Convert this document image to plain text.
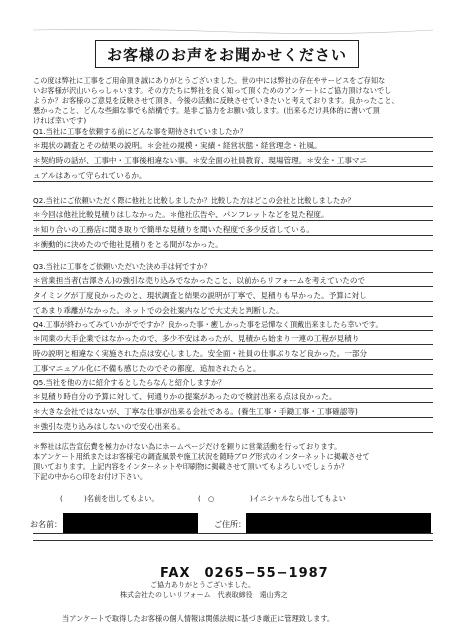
お客様のお声をお聞かせください
この度は弊社に工事をご用命頂き誠にありがとうございました。世の中には弊社の存在やサービスをご存知な
いお客様が沢山いらっしゃいます。その方たちに弊社を良く知って頂くためのアンケートにご協力頂けないでし
ようか？お客様のご意見を反映させて頂き、今後の活動に反映させていきたいと考えております。良かったこと、
悪かったこと、どんな些細な事でも結構です。是非ご協力をお願い致します。(出来るだけ具体的に書いて頂
ければ幸いです)
Q1.当社に工事を依頼する前にどんな事を期待されていましたか？
＊現状の調査とその結果の説明。＊会社の規模・実績・経営状態・経営理念・社風。
＊契約時の話が、工事中・工事後相違ない事。＊安全面の社員教育、現場管理。＊安全・工事マニ
ュアルはあって守られているか。
Q2.当社にご依頼いただく際に他社と比較しましたか？比較した方はどこの会社と比較しましたか？
＊今回は他社比較見積りはしなかった。＊他社広告や、パンフレットなどを見た程度。
＊知り合いの工務店に聞き取りで簡単な見積りを聞いた程度で多少反省している。
＊衝動的に決めたので他社見積りをとる間がなかった。
Q3.当社に工事をご依頼いただいた決め手は何ですか？
＊営業担当者(吉澤さん)の強引な売り込みでなかったこと、以前からリフォームを考えていたので
タイミングが丁度良かったのと、現状調査と結果の説明が丁寧で、見積りも早かった。予算に対し
てあまり乖離がなかった。ネットでの会社案内などで大丈夫と判断した。
Q4.工事が終わってみていかがでですか？良かった事・癒しかった事を忌憚なく頂戴出来ましたら幸いです。
＊同業の大手企業ではなかったので、多少不安はあったが、見積から始まり一連の工程が見積り
時の説明と相違なく実施された点は安心しました。安全面・社員の仕事ぶりなど良かった。一部分
工事マニュアル化に不備も感じたのでその都度、追加されたらと。
Q5.当社を他の方に紹介するとしたらなんと紹介しますか？
＊見積り時自分の予算に対して、何通りかの提案があったので検討出来る点は良かった。
＊大きな会社ではないが、丁寧な仕事が出来る会社である。(養生工事・手鋤工事・工事確認等)
＊強引な売り込みはしないので安心出来る。
＊弊社は広告宣伝費を極力かけない為にホームページだけを頼りに営業活動を行っております。
本アンケート用紙またはお客様宅の調査風景や施工状況を随時ブログ形式のインターネットに掲載させて
頂いております。上記内容をインターネットや印刷物に掲載させて頂いてもよろしいでしょうか？
下記の中から○印をお付け下さい。
(	)名前を出してもよい。	(　○　	)イニシャルなら出してもよい
お名前：	ご住所：
FAX　0265−55−1987
ご協力ありがとうございました。
株式会社たのしいリフォーム　代表取締役　遠山秀之
当アンケートで取得したお客様の個人情報は関係法規に基づき厳正に管理致します。
